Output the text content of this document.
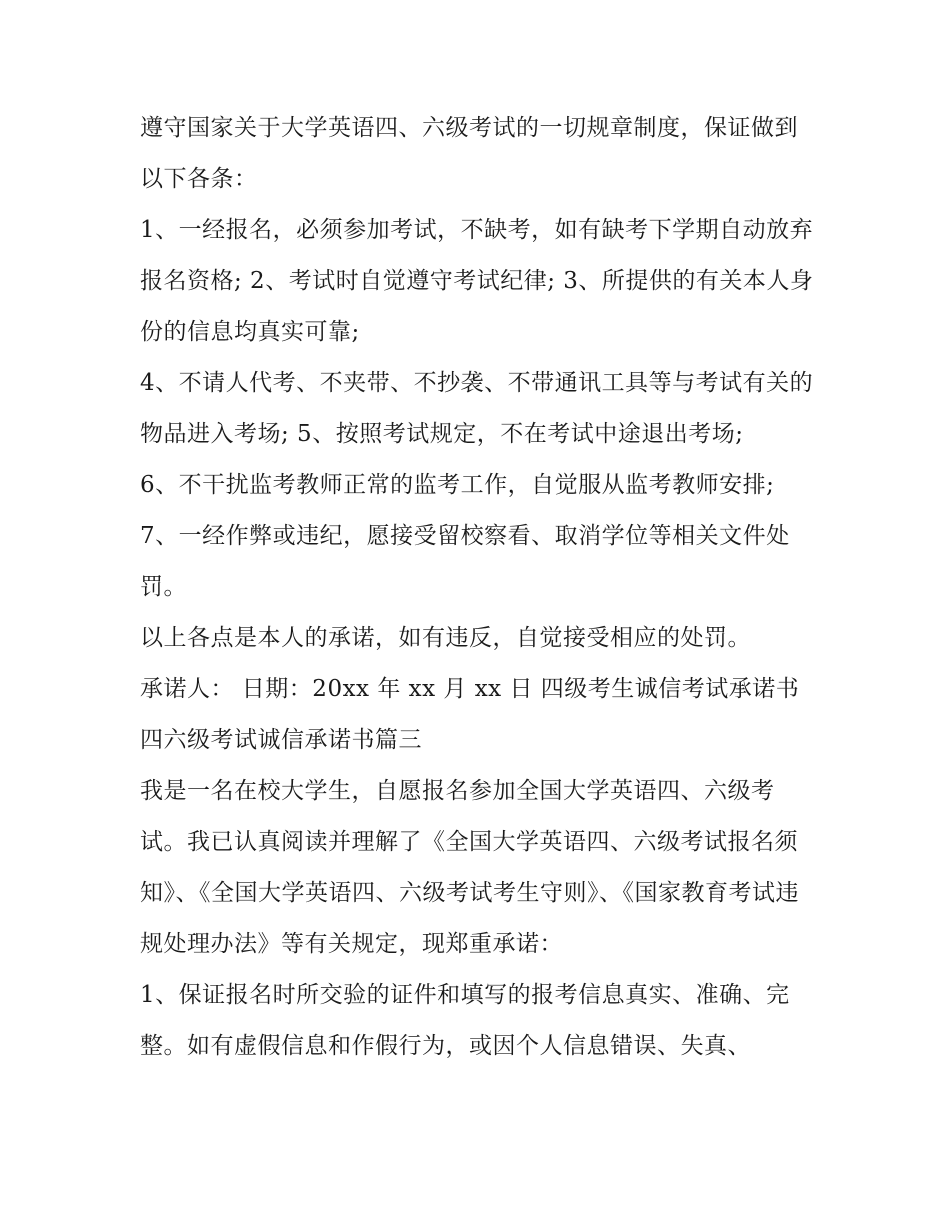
遵守国家关于大学英语四、六级考试的一切规章制度，保证做到以下各条：

1、一经报名，必须参加考试，不缺考，如有缺考下学期自动放弃报名资格; 2、考试时自觉遵守考试纪律; 3、所提供的有关本人身份的信息均真实可靠;

4、不请人代考、不夹带、不抄袭、不带通讯工具等与考试有关的物品进入考场; 5、按照考试规定，不在考试中途退出考场;

6、不干扰监考教师正常的监考工作，自觉服从监考教师安排;

7、一经作弊或违纪，愿接受留校察看、取消学位等相关文件处罚。

以上各点是本人的承诺，如有违反，自觉接受相应的处罚。

承诺人： 日期：20xx 年 xx 月 xx 日 四级考生诚信考试承诺书四六级考试诚信承诺书篇三

我是一名在校大学生，自愿报名参加全国大学英语四、六级考试。我已认真阅读并理解了《全国大学英语四、六级考试报名须知》、《全国大学英语四、六级考试考生守则》、《国家教育考试违规处理办法》等有关规定，现郑重承诺：

1、保证报名时所交验的证件和填写的报考信息真实、准确、完整。如有虚假信息和作假行为，或因个人信息错误、失真、
